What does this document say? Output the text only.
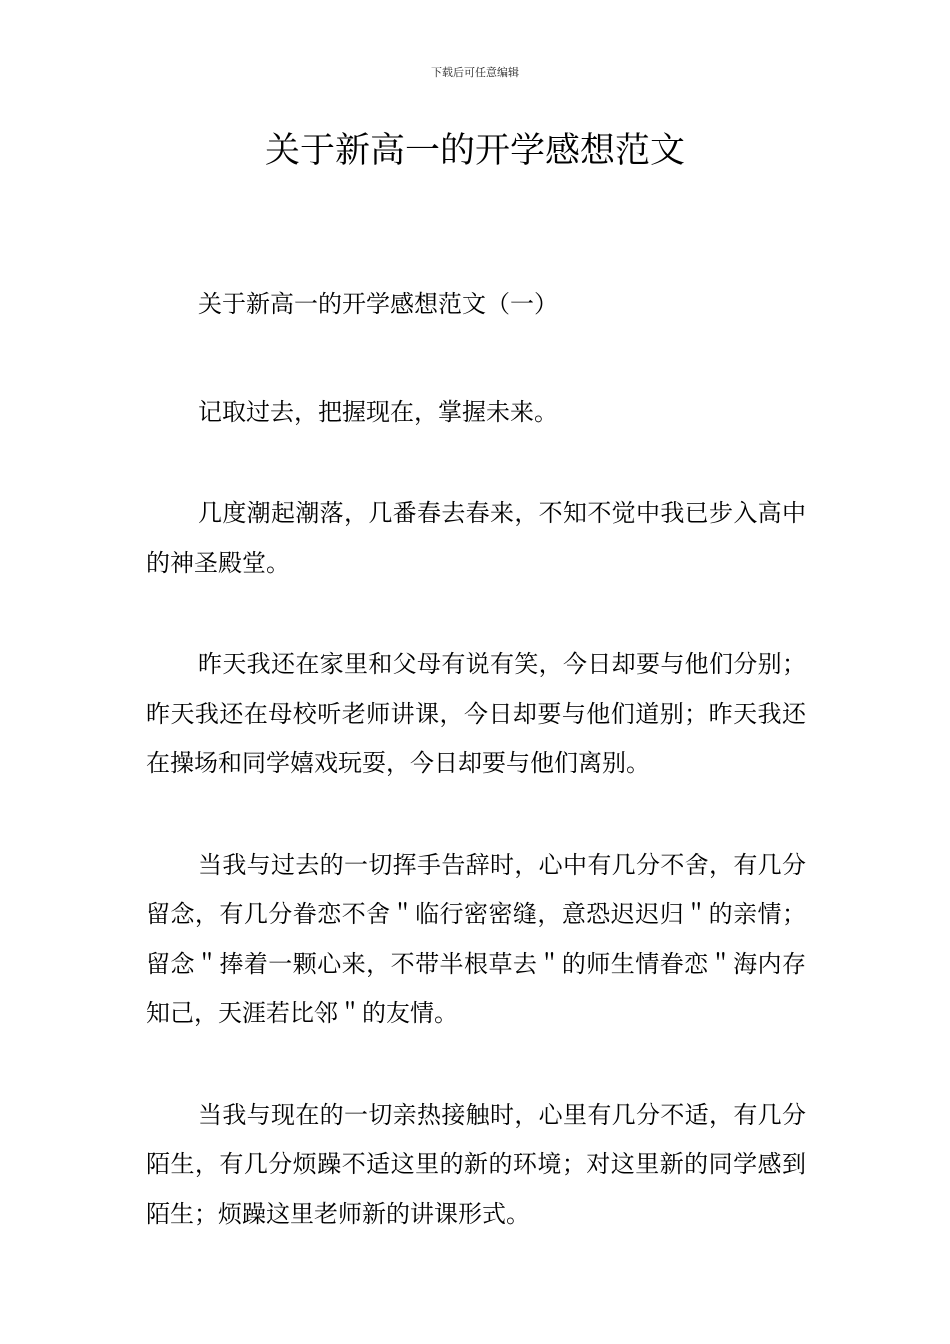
下载后可任意编辑
关于新高一的开学感想范文

关于新高一的开学感想范文（一）

记取过去，把握现在，掌握未来。

几度潮起潮落，几番春去春来，不知不觉中我已步入高中的神圣殿堂。

昨天我还在家里和父母有说有笑，今日却要与他们分别；昨天我还在母校听老师讲课，今日却要与他们道别；昨天我还在操场和同学嬉戏玩耍，今日却要与他们离别。

当我与过去的一切挥手告辞时，心中有几分不舍，有几分留念，有几分眷恋不舍＂临行密密缝，意恐迟迟归＂的亲情；留念＂捧着一颗心来，不带半根草去＂的师生情眷恋＂海内存知己，天涯若比邻＂的友情。

当我与现在的一切亲热接触时，心里有几分不适，有几分陌生，有几分烦躁不适这里的新的环境；对这里新的同学感到陌生；烦躁这里老师新的讲课形式。
